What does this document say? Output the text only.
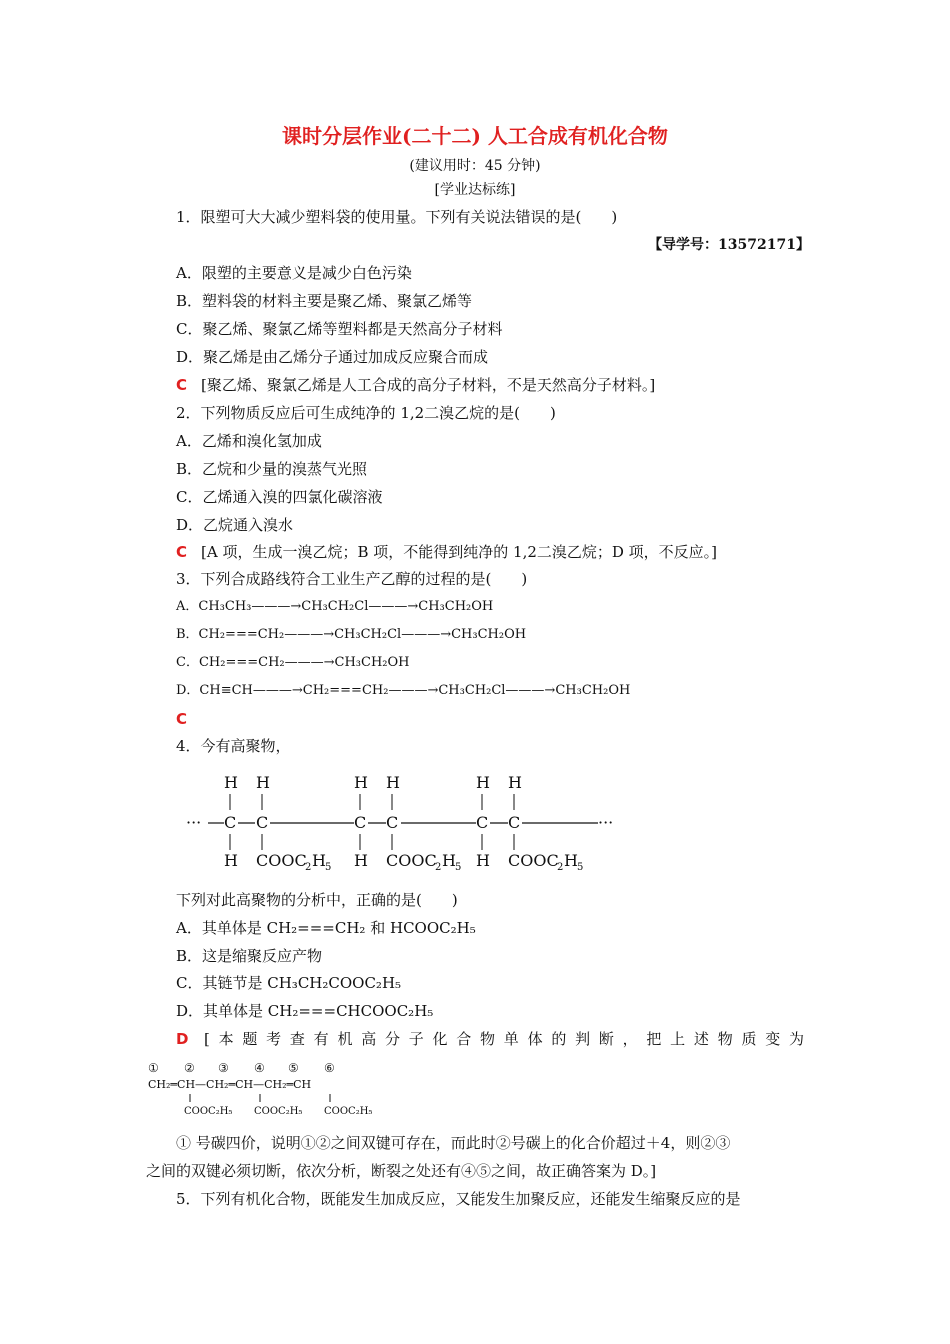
课时分层作业(二十二) 人工合成有机化合物
(建议用时：45 分钟)
[学业达标练]
1．限塑可大大减少塑料袋的使用量。下列有关说法错误的是(　　)
【导学号：13572171】
A．限塑的主要意义是减少白色污染
B．塑料袋的材料主要是聚乙烯、聚氯乙烯等
C．聚乙烯、聚氯乙烯等塑料都是天然高分子材料
D．聚乙烯是由乙烯分子通过加成反应聚合而成
C [聚乙烯、聚氯乙烯是人工合成的高分子材料，不是天然高分子材料。]
2．下列物质反应后可生成纯净的 1,2二溴乙烷的是(　　)
A．乙烯和溴化氢加成
B．乙烷和少量的溴蒸气光照
C．乙烯通入溴的四氯化碳溶液
D．乙烷通入溴水
C [A 项，生成一溴乙烷；B 项，不能得到纯净的 1,2二溴乙烷；D 项，不反应。]
3．下列合成路线符合工业生产乙醇的过程的是(　　)
A．CH₃CH₃———→CH₃CH₂Cl———→CH₃CH₂OH
B．CH₂===CH₂———→CH₃CH₂Cl———→CH₃CH₂OH
C．CH₂===CH₂———→CH₃CH₂OH
D．CH≡CH———→CH₂===CH₂———→CH₃CH₂Cl———→CH₃CH₂OH
C
4．今有高聚物，
···	···
H H
C C
H COOC
2 H 5
H H
C C
H COOC
2 H 5
H H
C C
H COOC
2 H 5
下列对此高聚物的分析中，正确的是(　　)
A．其单体是 CH₂===CH₂ 和 HCOOC₂H₅
B．这是缩聚反应产物
C．其链节是 CH₃CH₂COOC₂H₅
D．其单体是 CH₂===CHCOOC₂H₅
D	[ 本 题 考 查 有 机 高 分 子 化 合 物 单 体 的 判 断 ， 把 上 述 物 质 变 为
① ② ③ ④ ⑤ ⑥
CH₂═CH—CH₂═CH—CH₂═CH
COOC₂H₅ COOC₂H₅ COOC₂H₅
① 号碳四价，说明①②之间双键可存在，而此时②号碳上的化合价超过＋4，则②③
之间的双键必须切断，依次分析，断裂之处还有④⑤之间，故正确答案为 D。]
5．下列有机化合物，既能发生加成反应，又能发生加聚反应，还能发生缩聚反应的是
